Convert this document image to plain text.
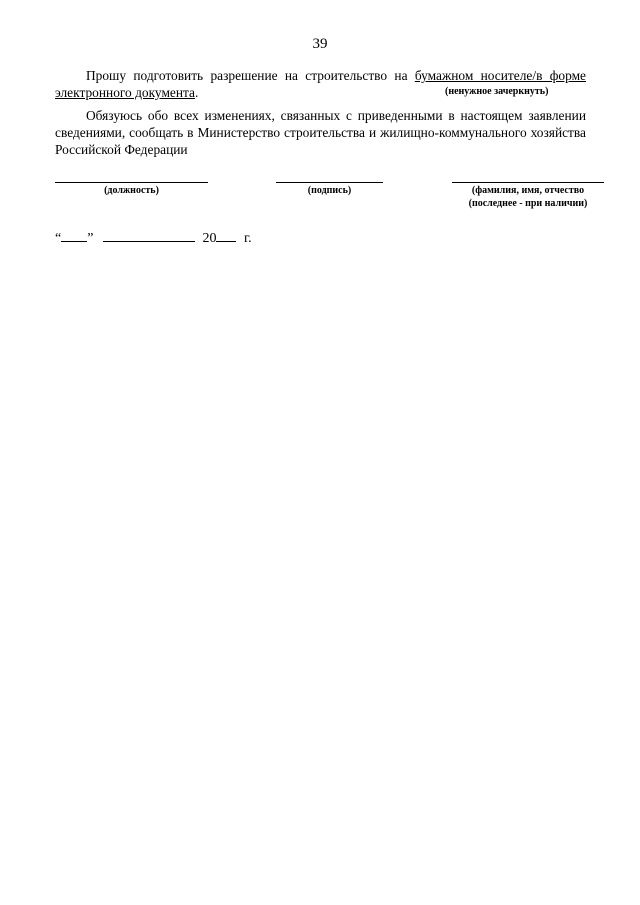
39
Прошу подготовить разрешение на строительство на бумажном носителе/в форме электронного документа.	(ненужное зачеркнуть)
Обязуюсь обо всех изменениях, связанных с приведенными в настоящем заявлении сведениями, сообщать в Министерство строительства и жилищно-коммунального хозяйства Российской Федерации
(должность)	(подпись)	(фамилия, имя, отчество
(последнее - при наличии)
“ ”	20 г.
